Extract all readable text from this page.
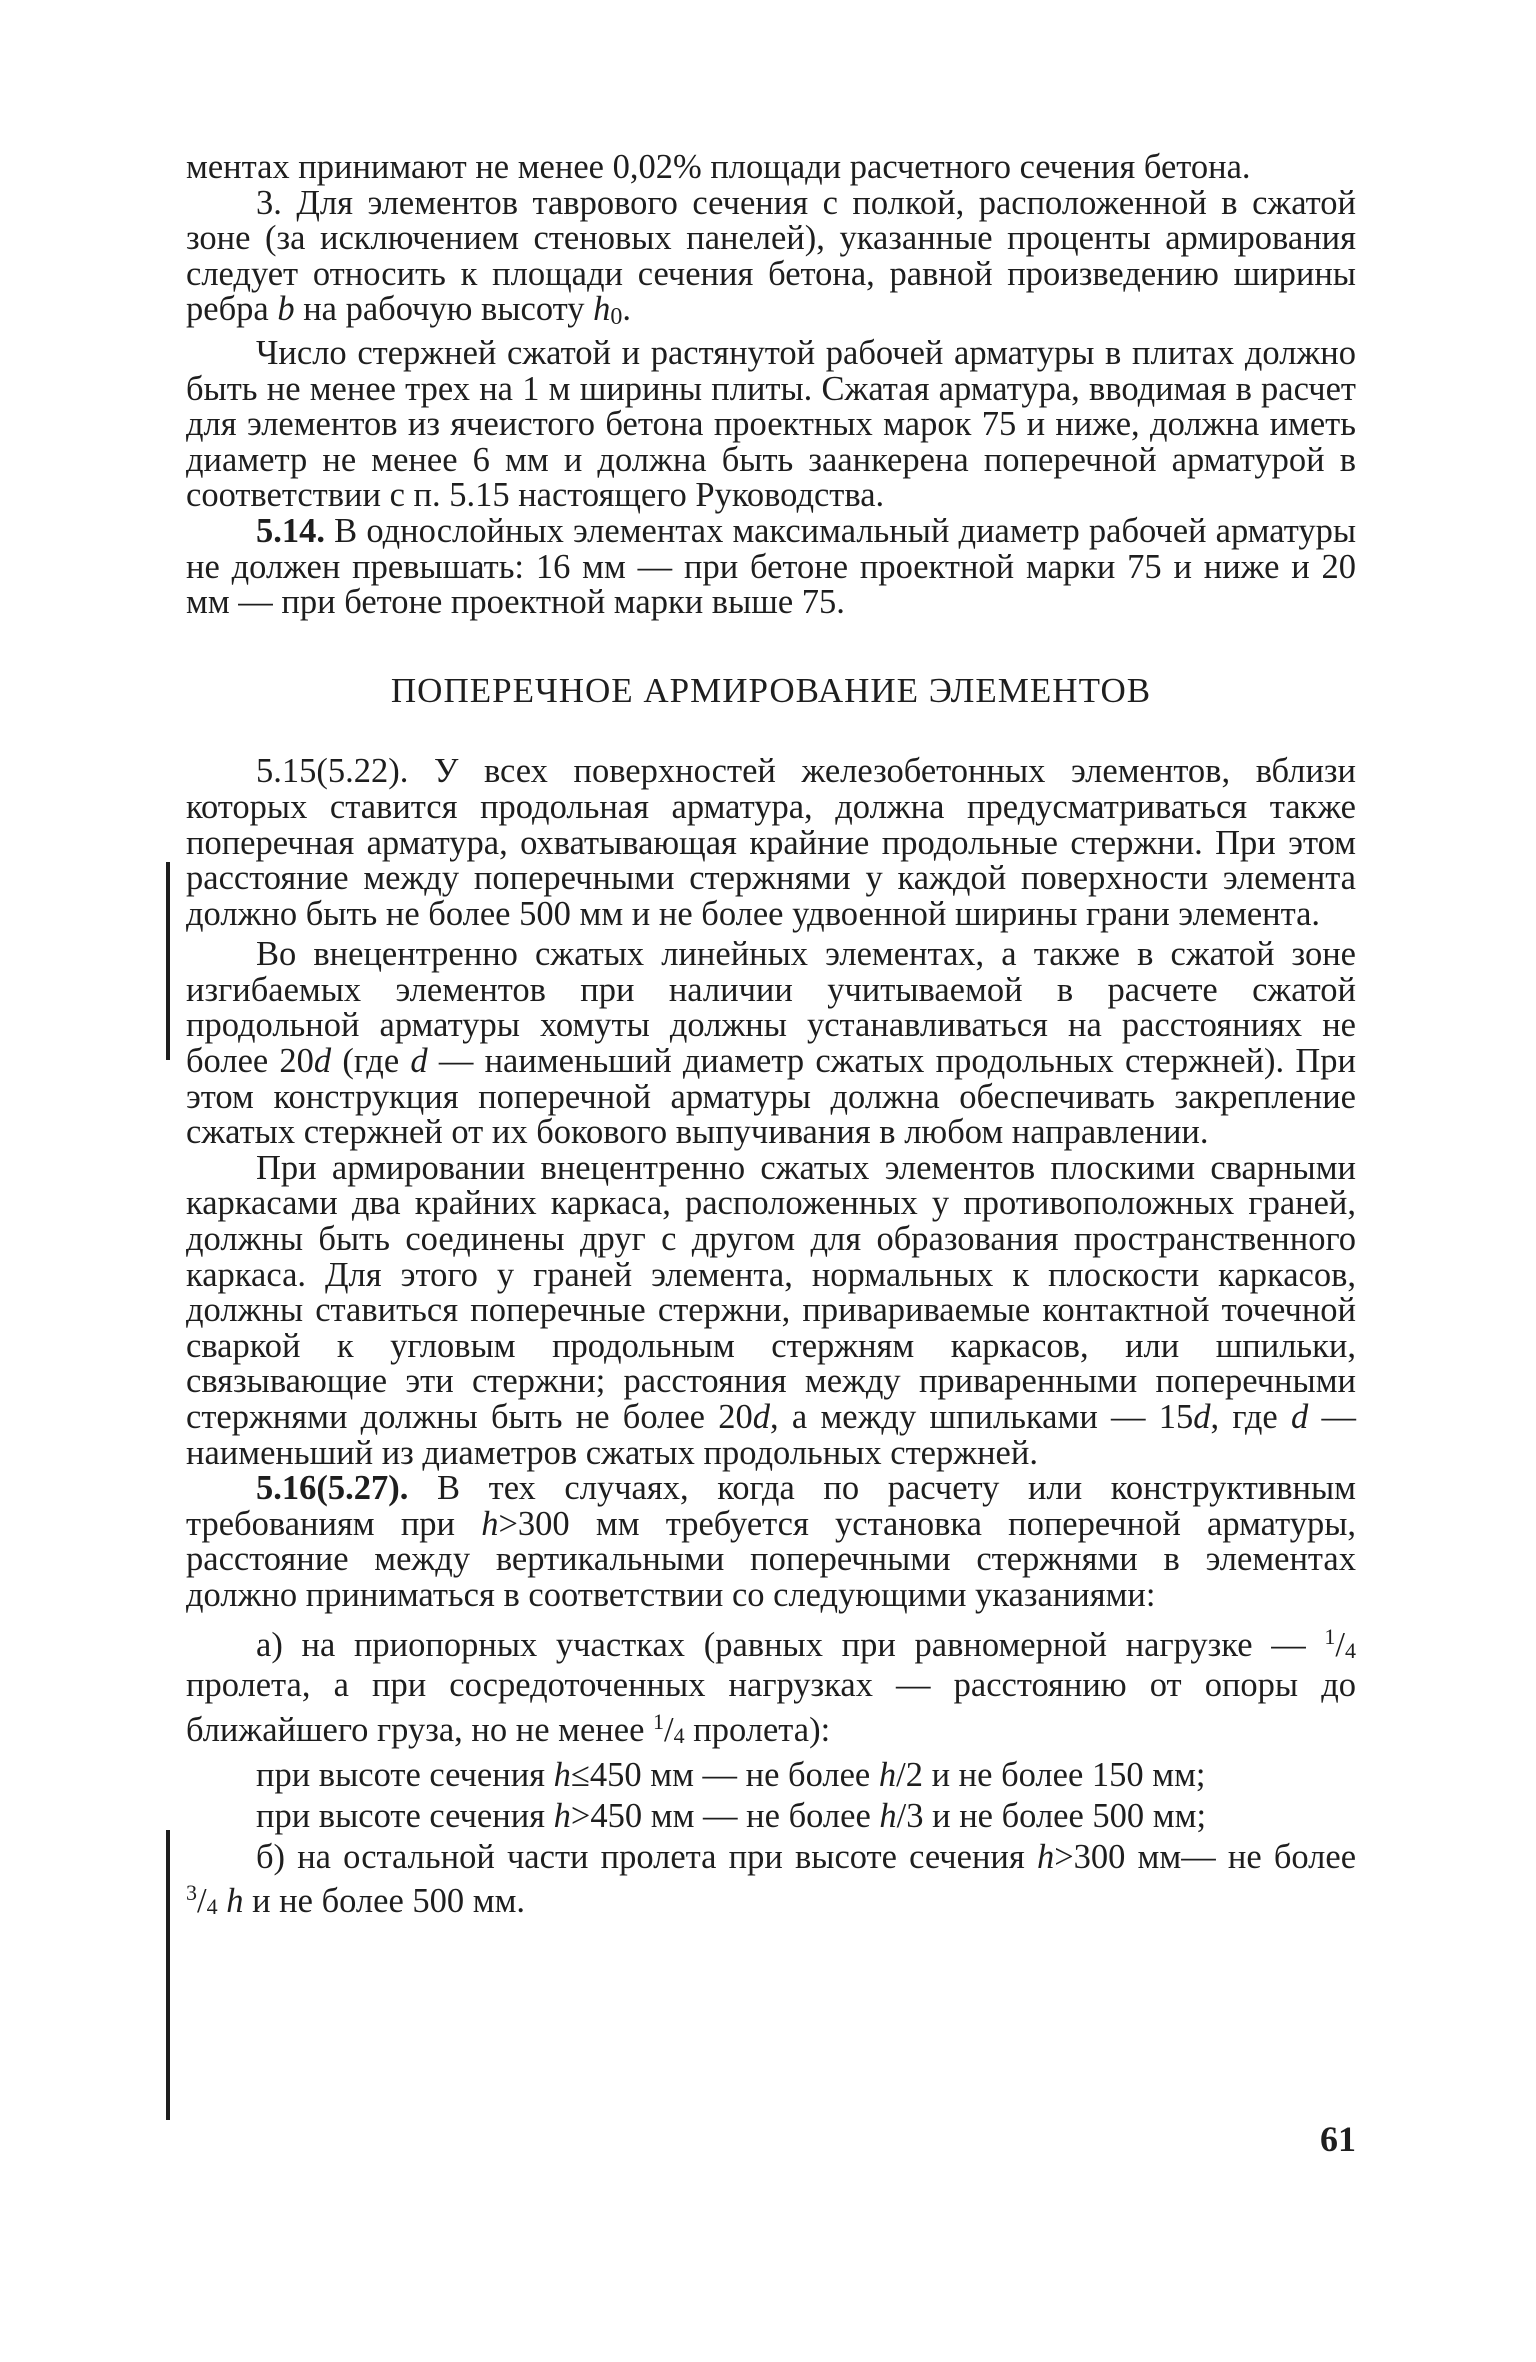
ментах принимают не менее 0,02% площади расчетного сечения бетона.

3. Для элементов таврового сечения с полкой, расположенной в сжатой зоне (за исключением стеновых панелей), указанные проценты армирования следует относить к площади сечения бетона, равной произведению ширины ребра b на рабочую высоту h0.

Число стержней сжатой и растянутой рабочей арматуры в плитах должно быть не менее трех на 1 м ширины плиты. Сжатая арматура, вводимая в расчет для элементов из ячеистого бетона проектных марок 75 и ниже, должна иметь диаметр не менее 6 мм и должна быть заанкерена поперечной арматурой в соответствии с п. 5.15 настоящего Руководства.

5.14. В однослойных элементах максимальный диаметр рабочей арматуры не должен превышать: 16 мм — при бетоне проектной марки 75 и ниже и 20 мм — при бетоне проектной марки выше 75.

ПОПЕРЕЧНОЕ АРМИРОВАНИЕ ЭЛЕМЕНТОВ

5.15(5.22). У всех поверхностей железобетонных элементов, вблизи которых ставится продольная арматура, должна предусматриваться также поперечная арматура, охватывающая крайние продольные стержни. При этом расстояние между поперечными стержнями у каждой поверхности элемента должно быть не более 500 мм и не более удвоенной ширины грани элемента.

Во внецентренно сжатых линейных элементах, а также в сжатой зоне изгибаемых элементов при наличии учитываемой в расчете сжатой продольной арматуры хомуты должны устанавливаться на расстояниях не более 20d (где d — наименьший диаметр сжатых продольных стержней). При этом конструкция поперечной арматуры должна обеспечивать закрепление сжатых стержней от их бокового выпучивания в любом направлении.

При армировании внецентренно сжатых элементов плоскими сварными каркасами два крайних каркаса, расположенных у противоположных граней, должны быть соединены друг с другом для образования пространственного каркаса. Для этого у граней элемента, нормальных к плоскости каркасов, должны ставиться поперечные стержни, привариваемые контактной точечной сваркой к угловым продольным стержням каркасов, или шпильки, связывающие эти стержни; расстояния между приваренными поперечными стержнями должны быть не более 20d, а между шпильками — 15d, где d — наименьший из диаметров сжатых продольных стержней.

5.16(5.27). В тех случаях, когда по расчету или конструктивным требованиям при h>300 мм требуется установка поперечной арматуры, расстояние между вертикальными поперечными стержнями в элементах должно приниматься в соответствии со следующими указаниями:

а) на приопорных участках (равных при равномерной нагрузке — $^1/_4$ пролета, а при сосредоточенных нагрузках — расстоянию от опоры до ближайшего груза, но не менее $^1/_4$ пролета):

при высоте сечения h≤450 мм — не более h/2 и не более 150 мм;

при высоте сечения h>450 мм — не более h/3 и не более 500 мм;

б) на остальной части пролета при высоте сечения h>300 мм— не более $^3/_4$ h и не более 500 мм.

61
